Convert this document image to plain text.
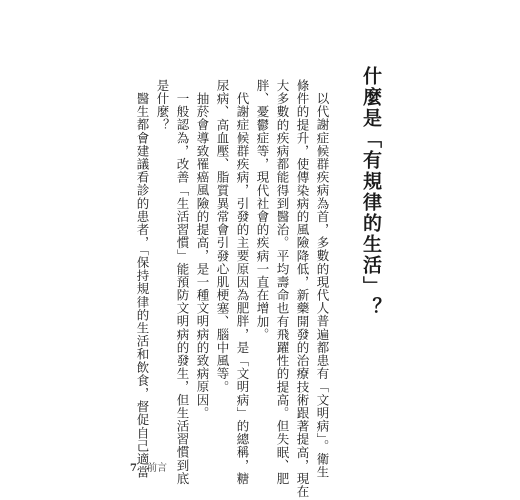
什麼是「有規律的生活」？
以代謝症候群疾病為首，多數的現代人普遍都患有「文明病」。衛生
條件的提升，使傳染病的風險降低，新藥開發的治療技術跟著提高，現在
大多數的疾病都能得到醫治。平均壽命也有飛躍性的提高。但失眠、肥
胖、憂鬱症等，現代社會的疾病一直在增加。
代謝症候群疾病，引發的主要原因為肥胖，是「文明病」的總稱，糖
尿病、高血壓、脂質異常會引發心肌梗塞、腦中風等。
抽菸會導致罹癌風險的提高，是一種文明病的致病原因。
一般認為，改善「生活習慣」能預防文明病的發生，但生活習慣到底
是什麼？
醫生都會建議看診的患者，「保持規律的生活和飲食，督促自己適當
7 前言
